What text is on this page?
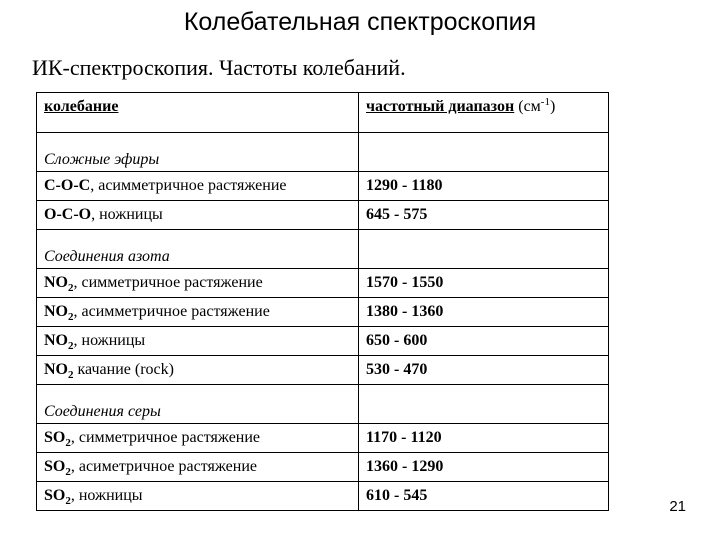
Колебательная спектроскопия
ИК-спектроскопия. Частоты колебаний.
колебание	частотный диапазон $(см^{-1})$
Сложные эфиры	
С-О-С, асимметричное растяжение	1290 - 1180
О-С-О, ножницы	645 - 575
Соединения азота	
$NO_2$, симметричное растяжение	1570 - 1550
$NO_2$, асимметричное растяжение	1380 - 1360
$NO_2$, ножницы	650 - 600
$NO_2$ качание (rock)	530 - 470
Соединения серы	
$SO_2$, симметричное растяжение	1170 - 1120
$SO_2$, асиметричное растяжение	1360 - 1290
$SO_2$, ножницы	610 - 545
21
